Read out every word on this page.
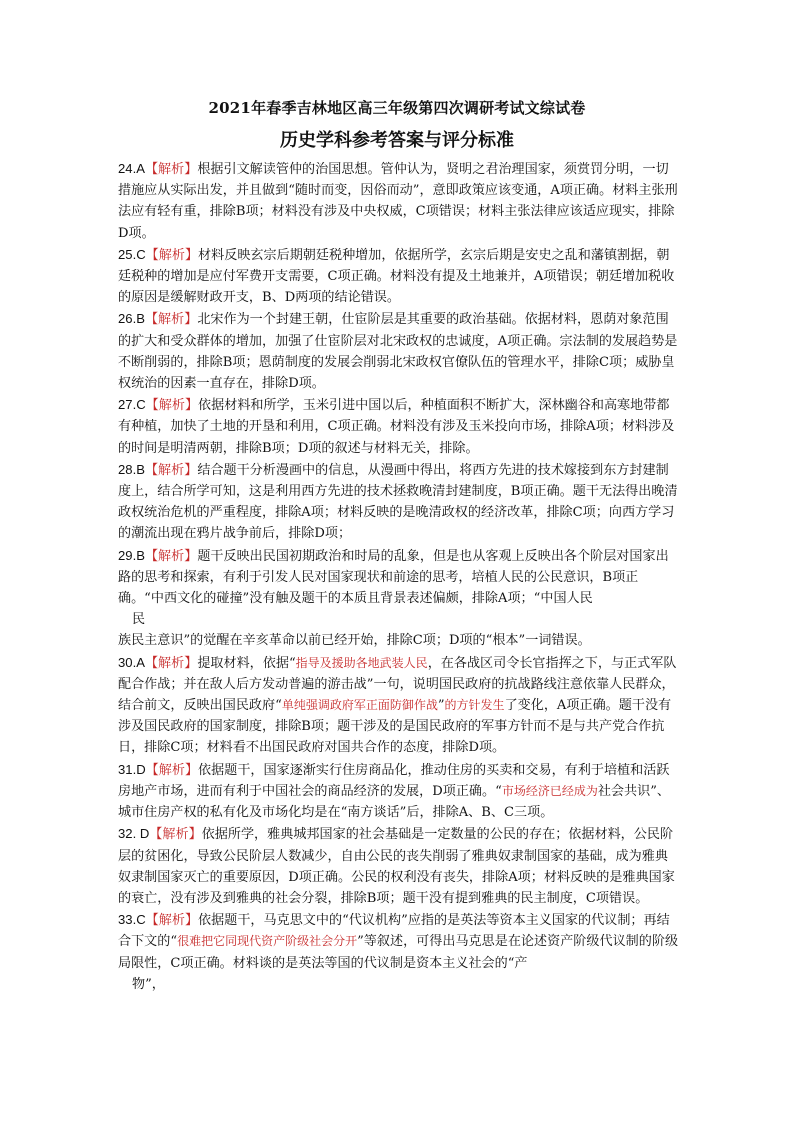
2021年春季吉林地区高三年级第四次调研考试文综试卷
历史学科参考答案与评分标准
24.A【解析】根据引文解读管仲的治国思想。管仲认为，贤明之君治理国家，须赏罚分明，一切措施应从实际出发，并且做到“随时而变，因俗而动”，意即政策应该变通，A项正确。材料主张刑法应有轻有重，排除B项；材料没有涉及中央权威，C项错误；材料主张法律应该适应现实，排除D项。
25.C【解析】材料反映玄宗后期朝廷税种增加，依据所学，玄宗后期是安史之乱和藩镇割据，朝廷税种的增加是应付军费开支需要，C项正确。材料没有提及土地兼并，A项错误；朝廷增加税收的原因是缓解财政开支，B、D两项的结论错误。
26.B【解析】北宋作为一个封建王朝，仕宦阶层是其重要的政治基础。依据材料，恩荫对象范围的扩大和受众群体的增加，加强了仕宦阶层对北宋政权的忠诚度，A项正确。宗法制的发展趋势是不断削弱的，排除B项；恩荫制度的发展会削弱北宋政权官僚队伍的管理水平，排除C项；威胁皇权统治的因素一直存在，排除D项。
27.C【解析】依据材料和所学，玉米引进中国以后，种植面积不断扩大，深林幽谷和高寒地带都有种植，加快了土地的开垦和利用，C项正确。材料没有涉及玉米投向市场，排除A项；材料涉及的时间是明清两朝，排除B项；D项的叙述与材料无关，排除。
28.B【解析】结合题干分析漫画中的信息，从漫画中得出，将西方先进的技术嫁接到东方封建制度上，结合所学可知，这是利用西方先进的技术拯救晚清封建制度，B项正确。题干无法得出晚清政权统治危机的严重程度，排除A项；材料反映的是晚清政权的经济改革，排除C项；向西方学习的潮流出现在鸦片战争前后，排除D项；
29.B【解析】题干反映出民国初期政治和时局的乱象，但是也从客观上反映出各个阶层对国家出路的思考和探索，有利于引发人民对国家现状和前途的思考，培植人民的公民意识，B项正确。“中西文化的碰撞”没有触及题干的本质且背景表述偏颇，排除A项；“中国人民
民
族民主意识”的觉醒在辛亥革命以前已经开始，排除C项；D项的“根本”一词错误。
30.A【解析】提取材料，依据“指导及援助各地武装人民，在各战区司令长官指挥之下，与正式军队配合作战；并在敌人后方发动普遍的游击战”一句，说明国民政府的抗战路线注意依靠人民群众，结合前文，反映出国民政府“单纯强调政府军正面防御作战”的方针发生了变化，A项正确。题干没有涉及国民政府的国家制度，排除B项；题干涉及的是国民政府的军事方针而不是与共产党合作抗日，排除C项；材料看不出国民政府对国共合作的态度，排除D项。
31.D【解析】依据题干，国家逐渐实行住房商品化，推动住房的买卖和交易，有利于培植和活跃房地产市场，进而有利于中国社会的商品经济的发展，D项正确。“市场经济已经成为社会共识”、城市住房产权的私有化及市场化均是在“南方谈话”后，排除A、B、C三项。
32. D【解析】依据所学，雅典城邦国家的社会基础是一定数量的公民的存在；依据材料，公民阶层的贫困化，导致公民阶层人数减少，自由公民的丧失削弱了雅典奴隶制国家的基础，成为雅典奴隶制国家灭亡的重要原因，D项正确。公民的权利没有丧失，排除A项；材料反映的是雅典国家的衰亡，没有涉及到雅典的社会分裂，排除B项；题干没有提到雅典的民主制度，C项错误。
33.C【解析】依据题干，马克思文中的“代议机构”应指的是英法等资本主义国家的代议制；再结合下文的“很难把它同现代资产阶级社会分开”等叙述，可得出马克思是在论述资产阶级代议制的阶级局限性，C项正确。材料谈的是英法等国的代议制是资本主义社会的“产
物”，
